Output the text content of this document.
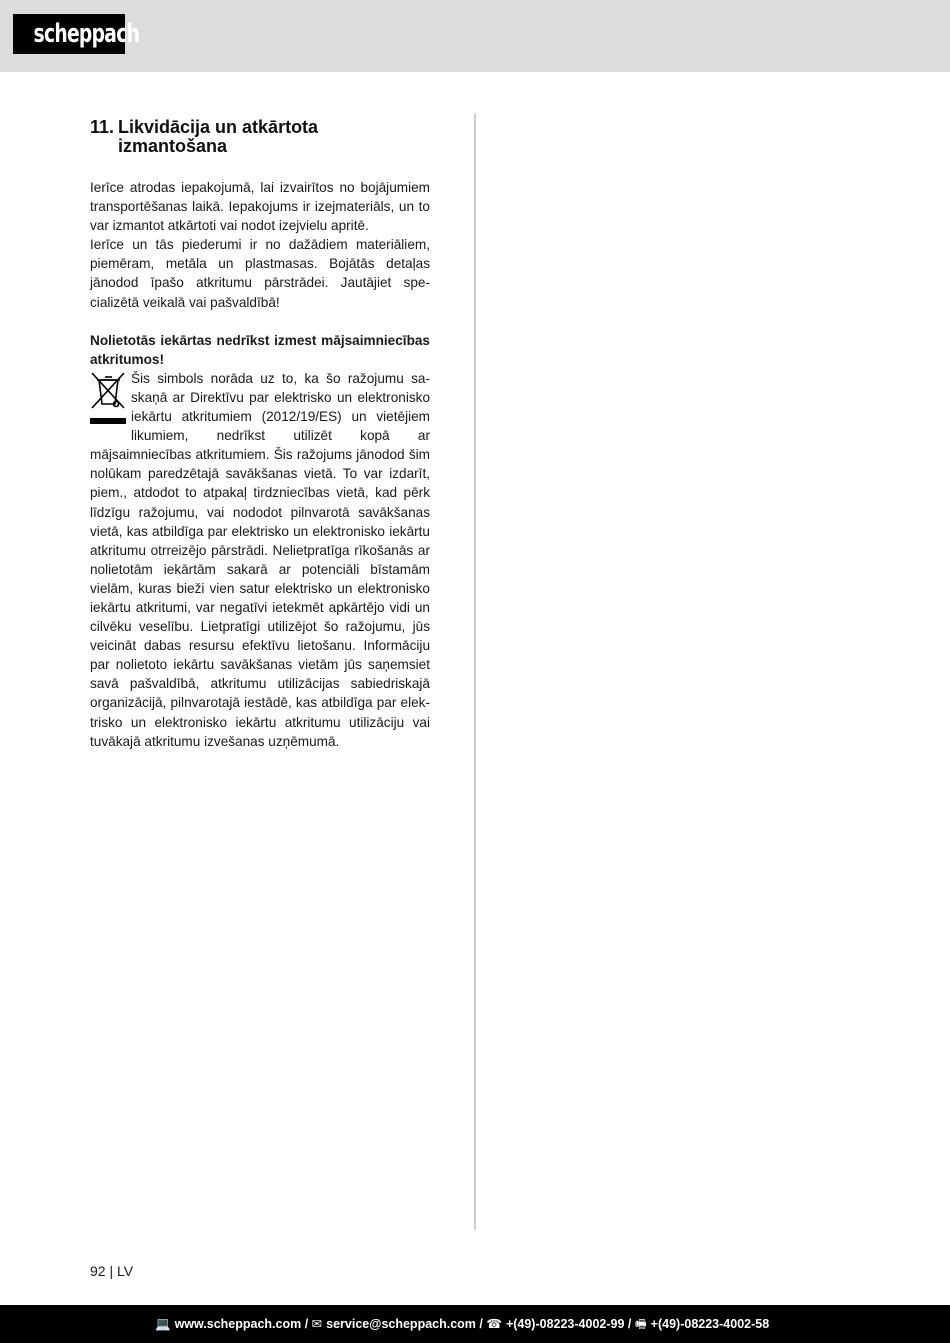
scheppach
11. Likvidācija un atkārtota
izmantošana

Ierīce atrodas iepakojumā, lai izvairītos no bojājumiem transportēšanas laikā. Iepakojums ir izejmateriāls, un to var izmantot atkārtoti vai nodot izejvielu apritē.

Ierīce un tās piederumi ir no dažādiem materiāliem, piemēram, metāla un plastmasas. Bojātās detaļas jānodod īpašo atkritumu pārstrādei. Jautājiet specializētā veikalā vai pašvaldībā!

Nolietotās iekārtas nedrīkst izmest mājsaimniecības atkritumos!

Šis simbols norāda uz to, ka šo ražojumu saskaņā ar Direktīvu par elektrisko un elektronisko iekārtu atkritumiem (2012/19/ES) un vietējiem likumiem, nedrīkst utilizēt kopā ar mājsaimniecības atkritumiem. Šis ražojums jānodod šim nolūkam paredzētajā savākšanas vietā. To var izdarīt, piem., atdodot to atpakaļ tirdzniecības vietā, kad pērk līdzīgu ražojumu, vai nododot pilnvarotā savākšanas vietā, kas atbildīga par elektrisko un elektronisko iekārtu atkritumu otrreizējo pārstrādi. Nelietpratīga rīkošanās ar nolietotām iekārtām sakarā ar potenciāli bīstamām vielām, kuras bieži vien satur elektrisko un elektronisko iekārtu atkritumi, var negatīvi ietekmēt apkārtējo vidi un cilvēku veselību. Lietpratīgi utilizējot šo ražojumu, jūs veicināt dabas resursu efektīvu lietošanu. Informāciju par nolietoto iekārtu savākšanas vietām jūs saņemsiet savā pašvaldībā, atkritumu utilizācijas sabiedriskajā organizācijā, pilnvarotajā iestādē, kas atbildīga par elektrisko un elektronisko iekārtu atkritumu utilizāciju vai tuvākajā atkritumu izvešanas uzņēmumā.
92 | LV
💻 www.scheppach.com / ✉ service@scheppach.com / ☎ +(49)-08223-4002-99 / 🖷 +(49)-08223-4002-58
